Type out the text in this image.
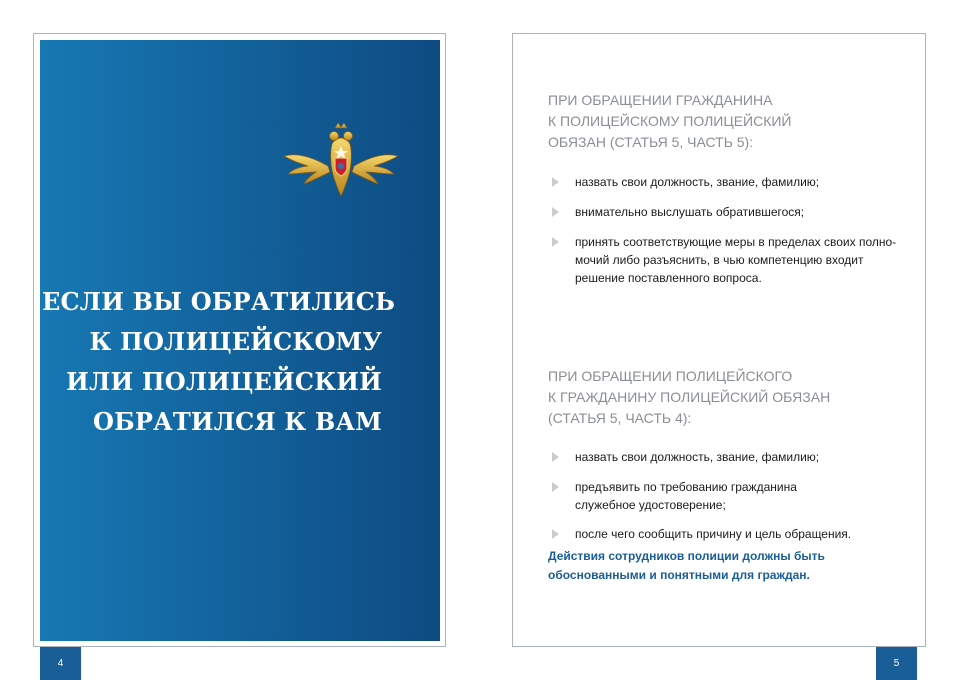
ЕСЛИ ВЫ ОБРАТИЛИСЬ
К ПОЛИЦЕЙСКОМУ
ИЛИ ПОЛИЦЕЙСКИЙ
ОБРАТИЛСЯ К ВАМ
4
ПРИ ОБРАЩЕНИИ ГРАЖДАНИНА
К ПОЛИЦЕЙСКОМУ ПОЛИЦЕЙСКИЙ
ОБЯЗАН (СТАТЬЯ 5, ЧАСТЬ 5):
назвать свои должность, звание, фамилию;
внимательно выслушать обратившегося;
принять соответствующие меры в пределах своих полно-
мочий либо разъяснить, в чью компетенцию входит
решение поставленного вопроса.
ПРИ ОБРАЩЕНИИ ПОЛИЦЕЙСКОГО
К ГРАЖДАНИНУ ПОЛИЦЕЙСКИЙ ОБЯЗАН
(СТАТЬЯ 5, ЧАСТЬ 4):
назвать свои должность, звание, фамилию;
предъявить по требованию гражданина
служебное удостоверение;
после чего сообщить причину и цель обращения.
Действия сотрудников полиции должны быть
обоснованными и понятными для граждан.
5
